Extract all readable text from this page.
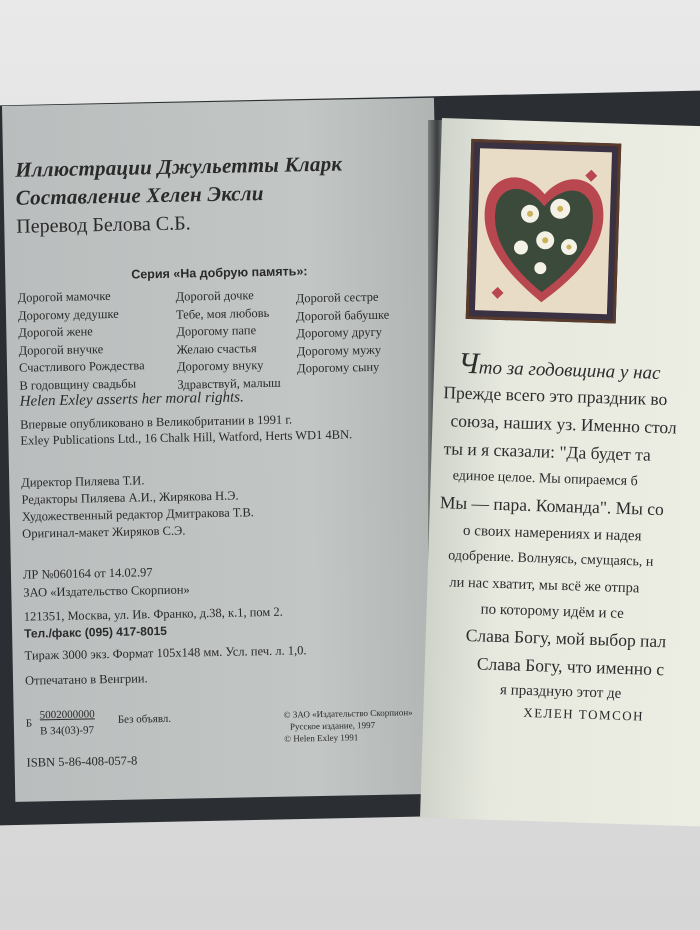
Иллюстрации Джульетты Кларк
Составление Хелен Эксли
Перевод Белова С.Б.
Серия «На добрую память»:
Дорогой мамочке
Дорогому дедушке
Дорогой жене
Дорогой внучке
Счастливого Рождества
В годовщину свадьбы
Дорогой дочке
Тебе, моя любовь
Дорогому папе
Желаю счастья
Дорогому внуку
Здравствуй, малыш
Дорогой сестре
Дорогой бабушке
Дорогому другу
Дорогому мужу
Дорогому сыну
Helen Exley asserts her moral rights.
Впервые опубликовано в Великобритании в 1991 г.
Exley Publications Ltd., 16 Chalk Hill, Watford, Herts WD1 4BN.
Директор Пиляева Т.И.
Редакторы Пиляева А.И., Жирякова Н.Э.
Художественный редактор Дмитракова Т.В.
Оригинал-макет Жиряков С.Э.
ЛР №060164 от 14.02.97
ЗАО «Издательство Скорпион»
121351, Москва, ул. Ив. Франко, д.38, к.1, пом 2.
Тел./факс (095) 417-8015
Тираж 3000 экз. Формат 105х148 мм. Усл. печ. л. 1,0.
Отпечатано в Венгрии.
Б
5002000000
В 34(03)-97
Без объявл.
ISBN 5-86-408-057-8
© ЗАО «Издательство Скорпион»
Русское издание, 1997
© Helen Exley 1991
Что за годовщина у нас
Прежде всего это праздник во
союза, наших уз. Именно стол
ты и я сказали: "Да будет та
единое целое. Мы опираемся б
Мы — пара. Команда". Мы со
о своих намерениях и надея
одобрение. Волнуясь, смущаясь, н
ли нас хватит, мы всё же отпра
по которому идём и се
Слава Богу, мой выбор пал
Слава Богу, что именно с
я праздную этот де
ХЕЛЕН ТОМСОН
